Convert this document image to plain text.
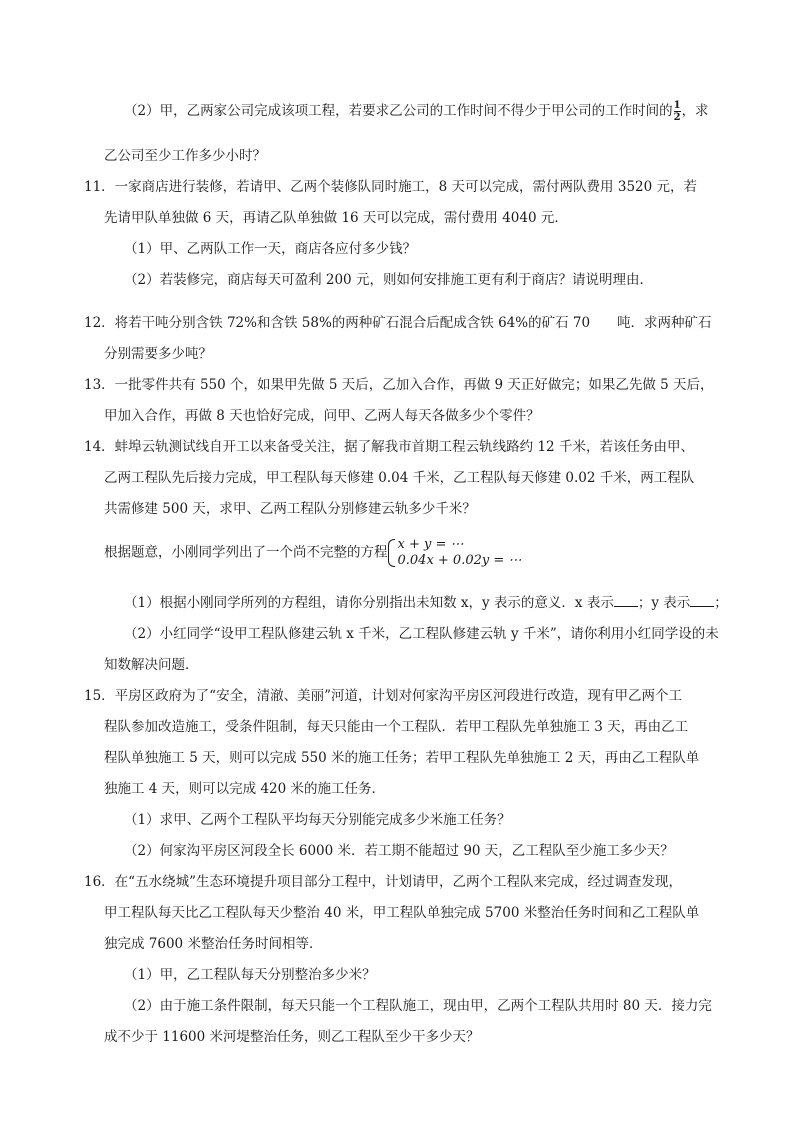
（2）甲，乙两家公司完成该项工程，若要求乙公司的工作时间不得少于甲公司的工作时间的 $\frac{1}{2}$ ，求
乙公司至少工作多少小时？
11．一家商店进行装修，若请甲、乙两个装修队同时施工，8 天可以完成，需付两队费用 3520 元，若
先请甲队单独做 6 天，再请乙队单独做 16 天可以完成，需付费用 4040 元．
（1）甲、乙两队工作一天，商店各应付多少钱？
（2）若装修完，商店每天可盈利 200 元，则如何安排施工更有利于商店？请说明理由．
12．将若干吨分别含铁 72%和含铁 58%的两种矿石混合后配成含铁 64%的矿石 70　　吨．求两种矿石
分别需要多少吨？
13．一批零件共有 550 个，如果甲先做 5 天后，乙加入合作，再做 9 天正好做完；如果乙先做 5 天后，
甲加入合作，再做 8 天也恰好完成，问甲、乙两人每天各做多少个零件？
14．蚌埠云轨测试线自开工以来备受关注，据了解我市首期工程云轨线路约 12 千米，若该任务由甲、
乙两工程队先后接力完成，甲工程队每天修建 0.04 千米，乙工程队每天修建 0.02 千米，两工程队
共需修建 500 天，求甲、乙两工程队分别修建云轨多少千米？
根据题意，小刚同学列出了一个尚不完整的方程 x + y = ⋯
0.04x + 0.02y = ⋯
（1）根据小刚同学所列的方程组，请你分别指出未知数 x，y 表示的意义．x 表示 ；y 表示 ；
（2）小红同学“设甲工程队修建云轨 x 千米，乙工程队修建云轨 y 千米”，请你利用小红同学设的未
知数解决问题．
15．平房区政府为了“安全，清澈、美丽”河道，计划对何家沟平房区河段进行改造，现有甲乙两个工
程队参加改造施工，受条件阻制，每天只能由一个工程队．若甲工程队先单独施工 3 天，再由乙工
程队单独施工 5 天，则可以完成 550 米的施工任务；若甲工程队先单独施工 2 天，再由乙工程队单
独施工 4 天，则可以完成 420 米的施工任务．
（1）求甲、乙两个工程队平均每天分别能完成多少米施工任务？
（2）何家沟平房区河段全长 6000 米．若工期不能超过 90 天，乙工程队至少施工多少天？
16．在“五水绕城”生态环境提升项目部分工程中，计划请甲，乙两个工程队来完成，经过调查发现，
甲工程队每天比乙工程队每天少整治 40 米，甲工程队单独完成 5700 米整治任务时间和乙工程队单
独完成 7600 米整治任务时间相等．
（1）甲，乙工程队每天分别整治多少米？
（2）由于施工条件限制，每天只能一个工程队施工，现由甲，乙两个工程队共用时 80 天．接力完
成不少于 11600 米河堤整治任务，则乙工程队至少干多少天？
